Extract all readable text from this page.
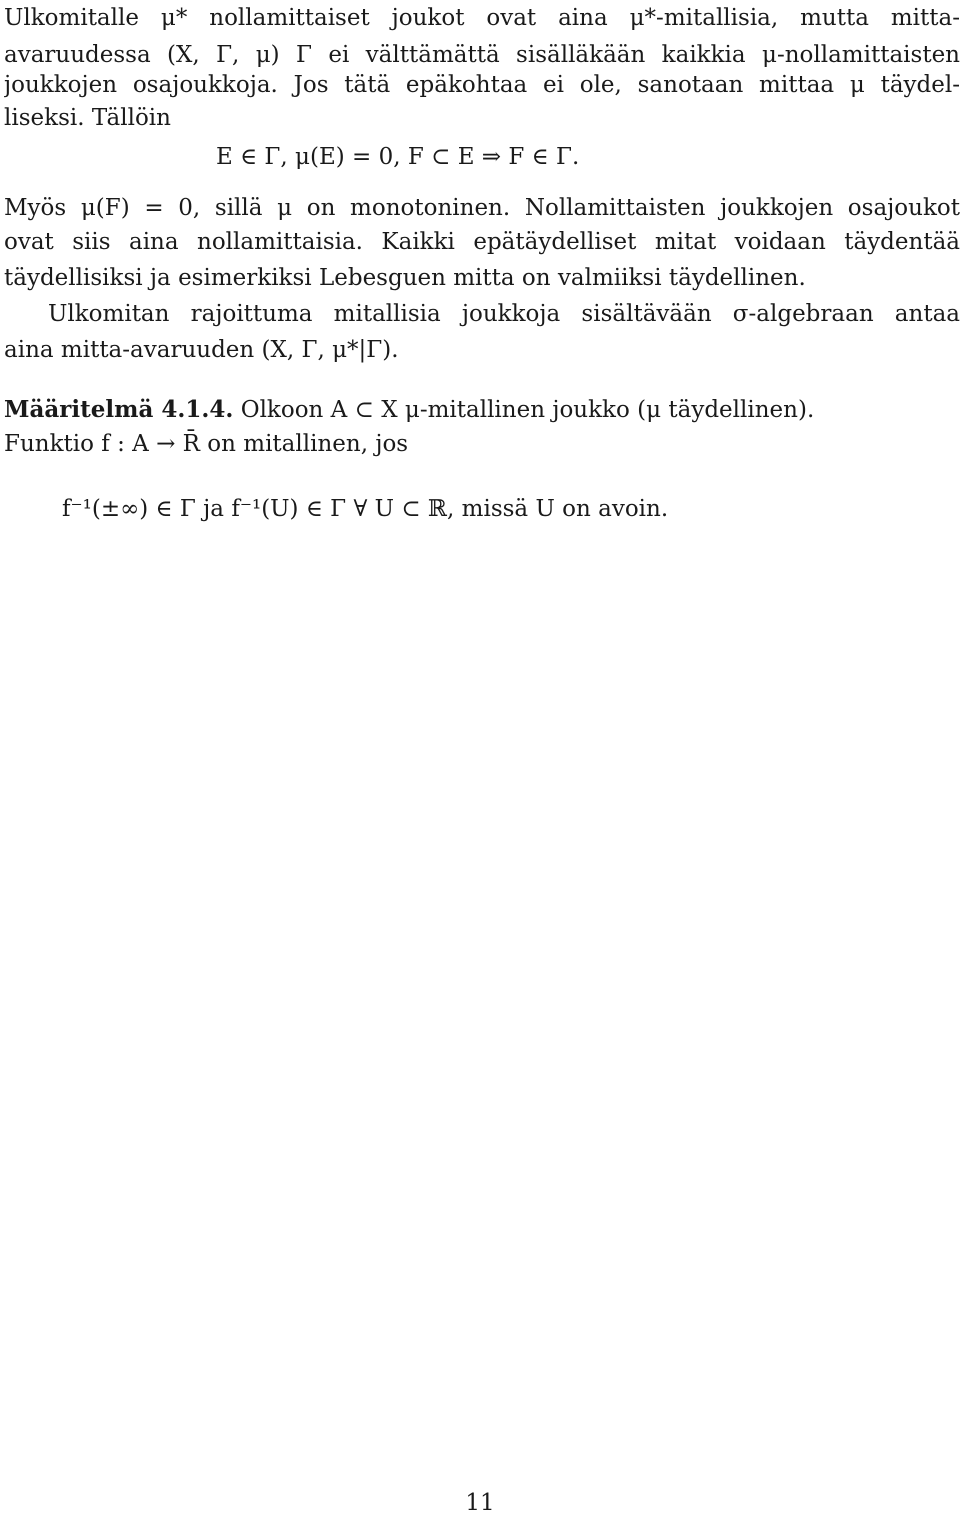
Ulkomitalle μ* nollamittaiset joukot ovat aina μ*-mitallisia, mutta mitta-
avaruudessa (X, Γ, μ) Γ ei välttämättä sisälläkään kaikkia μ-nollamittaisten
joukkojen osajoukkoja. Jos tätä epäkohtaa ei ole, sanotaan mittaa μ täydel-
liseksi. Tällöin
E ∈ Γ, μ(E) = 0, F ⊂ E ⇒ F ∈ Γ.
Myös μ(F) = 0, sillä μ on monotoninen. Nollamittaisten joukkojen osajoukot
ovat siis aina nollamittaisia. Kaikki epätäydelliset mitat voidaan täydentää
täydellisiksi ja esimerkiksi Lebesguen mitta on valmiiksi täydellinen.
Ulkomitan rajoittuma mitallisia joukkoja sisältävään σ-algebraan antaa
aina mitta-avaruuden (X, Γ, μ*|Γ).
Määritelmä 4.1.4. Olkoon A ⊂ X μ-mitallinen joukko (μ täydellinen).
Funktio f : A → R̄ on mitallinen, jos
f⁻¹(±∞) ∈ Γ ja f⁻¹(U) ∈ Γ ∀ U ⊂ ℝ, missä U on avoin.
11
